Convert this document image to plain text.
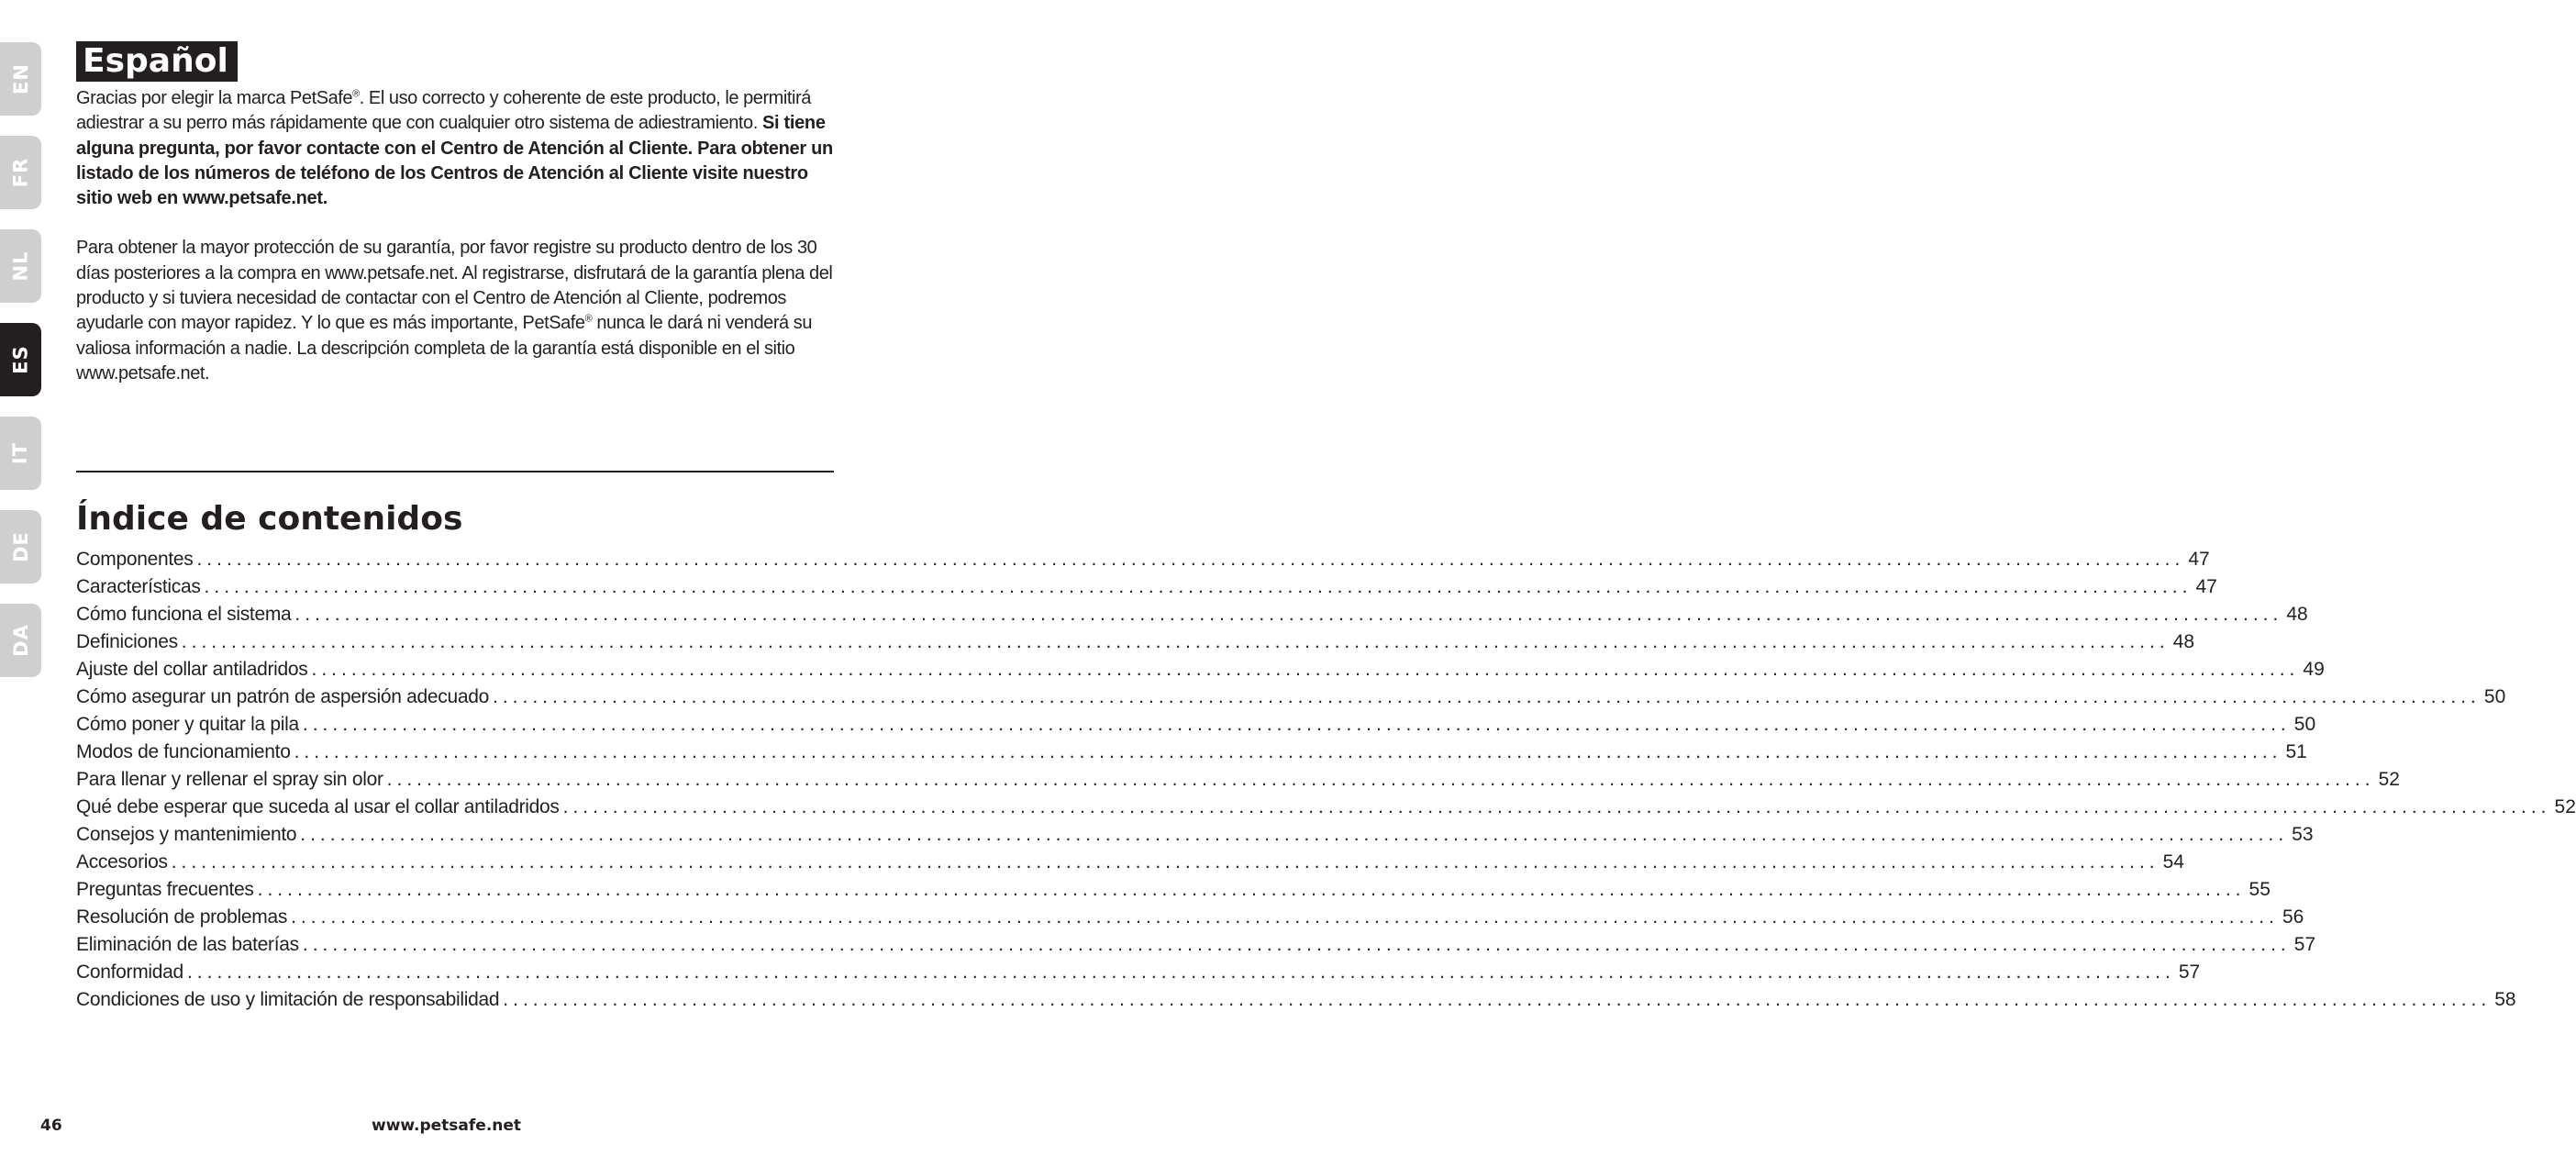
EN
FR
NL
ES
IT
DE
DA
Español

Gracias por elegir la marca PetSafe®. El uso correcto y coherente de este producto, le permitirá adiestrar a su perro más rápidamente que con cualquier otro sistema de adiestramiento. Si tiene alguna pregunta, por favor contacte con el Centro de Atención al Cliente. Para obtener un listado de los números de teléfono de los Centros de Atención al Cliente visite nuestro sitio web en www.petsafe.net.

Para obtener la mayor protección de su garantía, por favor registre su producto dentro de los 30 días posteriores a la compra en www.petsafe.net. Al registrarse, disfrutará de la garantía plena del producto y si tuviera necesidad de contactar con el Centro de Atención al Cliente, podremos ayudarle con mayor rapidez. Y lo que es más importante, PetSafe® nunca le dará ni venderá su valiosa información a nadie. La descripción completa de la garantía está disponible en el sitio www.petsafe.net.

Índice de contenidos
Componentes ........................................................................................................................................................................................................ 47
Características ........................................................................................................................................................................................................ 47
Cómo funciona el sistema ........................................................................................................................................................................................................ 48
Definiciones ........................................................................................................................................................................................................ 48
Ajuste del collar antiladridos ........................................................................................................................................................................................................ 49
Cómo asegurar un patrón de aspersión adecuado ........................................................................................................................................................................................................ 50
Cómo poner y quitar la pila ........................................................................................................................................................................................................ 50
Modos de funcionamiento ........................................................................................................................................................................................................ 51
Para llenar y rellenar el spray sin olor ........................................................................................................................................................................................................ 52
Qué debe esperar que suceda al usar el collar antiladridos ........................................................................................................................................................................................................ 52
Consejos y mantenimiento ........................................................................................................................................................................................................ 53
Accesorios ........................................................................................................................................................................................................ 54
Preguntas frecuentes ........................................................................................................................................................................................................ 55
Resolución de problemas ........................................................................................................................................................................................................ 56
Eliminación de las baterías ........................................................................................................................................................................................................ 57
Conformidad ........................................................................................................................................................................................................ 57
Condiciones de uso y limitación de responsabilidad ........................................................................................................................................................................................................ 58
46	www.petsafe.net
